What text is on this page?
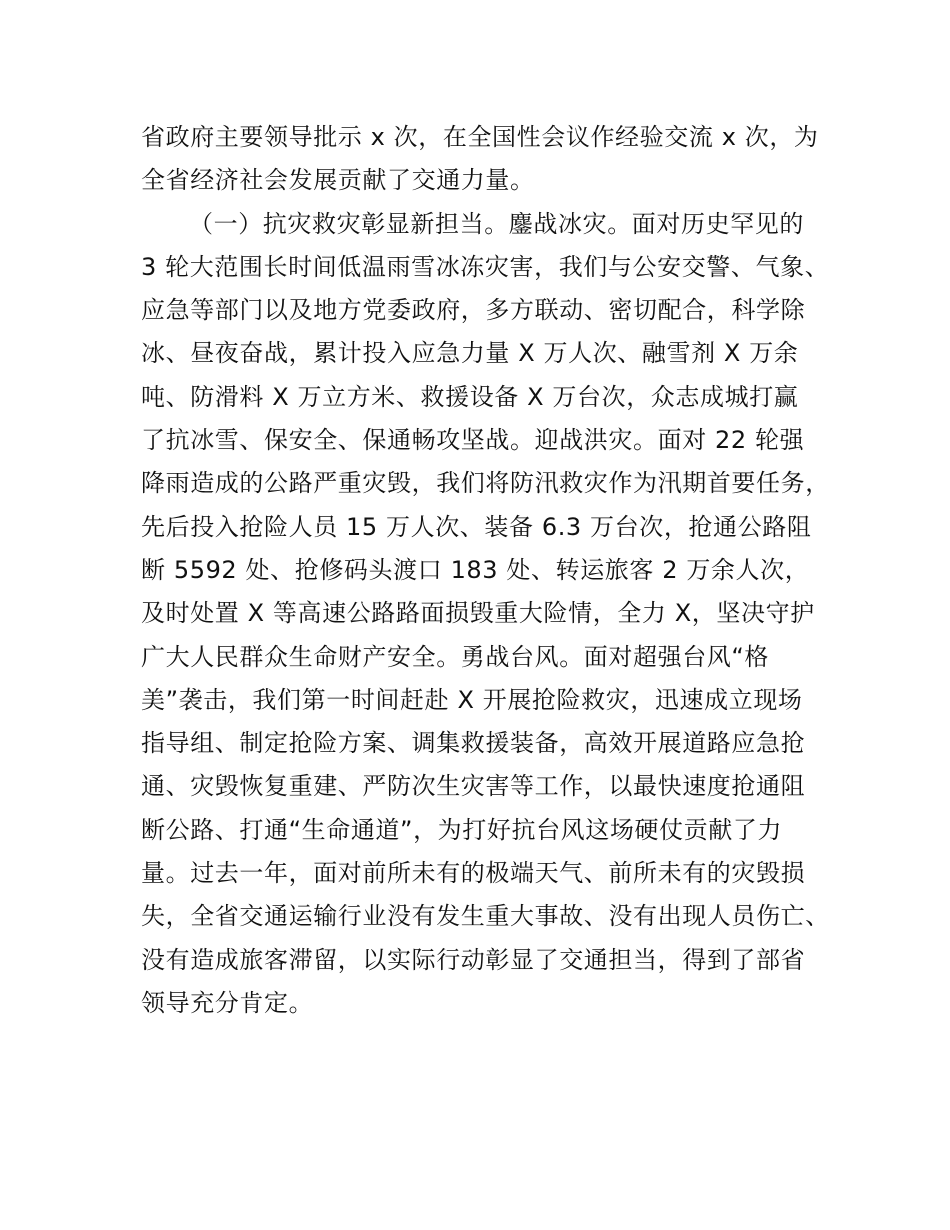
省政府主要领导批示 x 次，在全国性会议作经验交流 x 次，为
全省经济社会发展贡献了交通力量。
（一）抗灾救灾彰显新担当。鏖战冰灾。面对历史罕见的
3 轮大范围长时间低温雨雪冰冻灾害，我们与公安交警、气象、
应急等部门以及地方党委政府，多方联动、密切配合，科学除
冰、昼夜奋战，累计投入应急力量 X 万人次、融雪剂 X 万余
吨、防滑料 X 万立方米、救援设备 X 万台次，众志成城打赢
了抗冰雪、保安全、保通畅攻坚战。迎战洪灾。面对 22 轮强
降雨造成的公路严重灾毁，我们将防汛救灾作为汛期首要任务，
先后投入抢险人员 15 万人次、装备 6.3 万台次，抢通公路阻
断 5592 处、抢修码头渡口 183 处、转运旅客 2 万余人次，
及时处置 X 等高速公路路面损毁重大险情，全力 X，坚决守护
广大人民群众生命财产安全。勇战台风。面对超强台风“格
美”袭击，我们第一时间赶赴 X 开展抢险救灾，迅速成立现场
指导组、制定抢险方案、调集救援装备，高效开展道路应急抢
通、灾毁恢复重建、严防次生灾害等工作，以最快速度抢通阻
断公路、打通“生命通道”，为打好抗台风这场硬仗贡献了力
量。过去一年，面对前所未有的极端天气、前所未有的灾毁损
失，全省交通运输行业没有发生重大事故、没有出现人员伤亡、
没有造成旅客滞留，以实际行动彰显了交通担当，得到了部省
领导充分肯定。
